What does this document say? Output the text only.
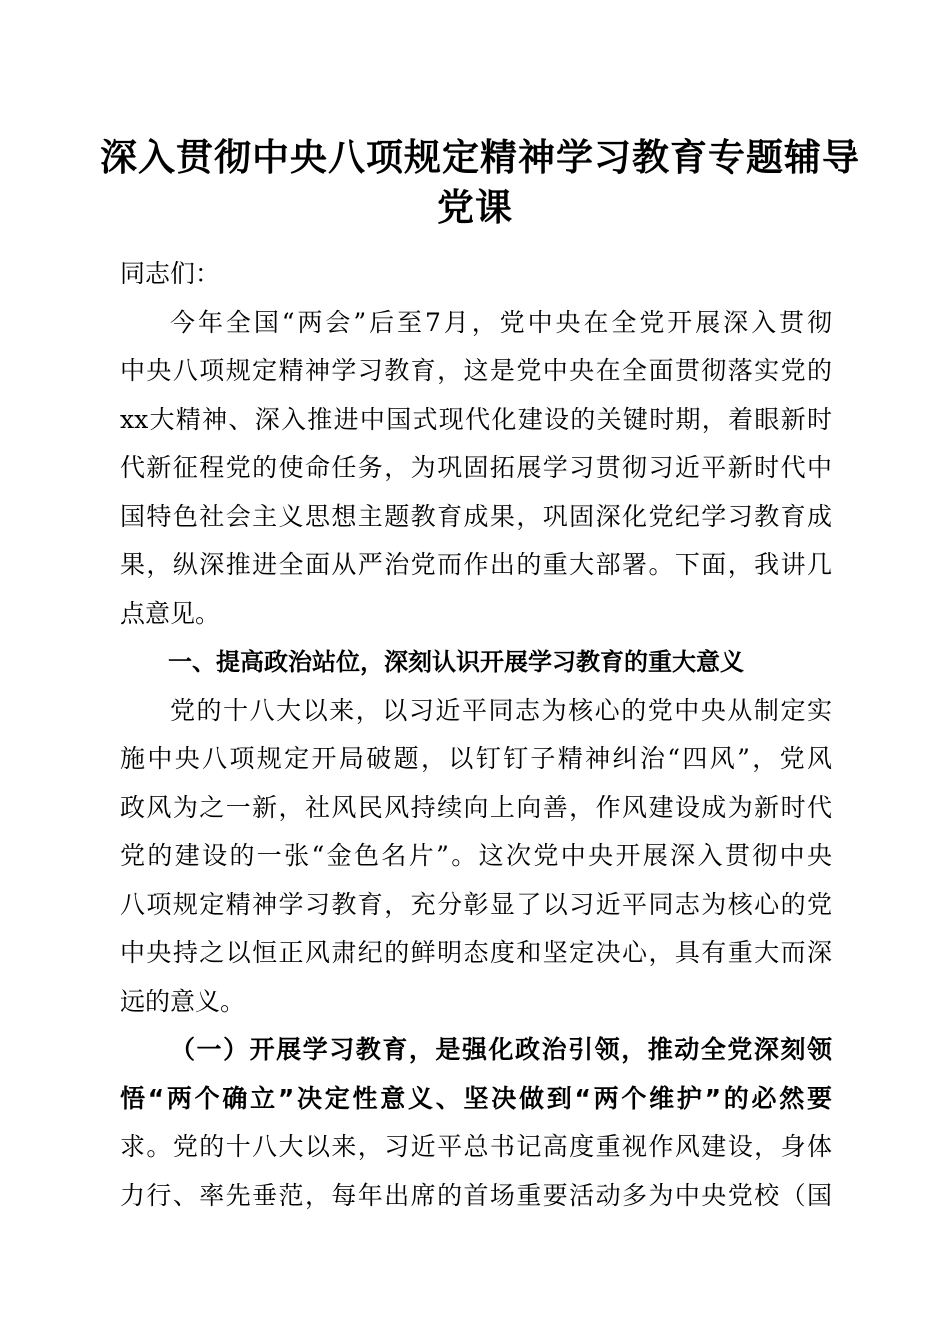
深入贯彻中央八项规定精神学习教育专题辅导
党课

同志们：

今年全国“两会”后至7月，党中央在全党开展深入贯彻
中央八项规定精神学习教育，这是党中央在全面贯彻落实党的
xx大精神、深入推进中国式现代化建设的关键时期，着眼新时
代新征程党的使命任务，为巩固拓展学习贯彻习近平新时代中
国特色社会主义思想主题教育成果，巩固深化党纪学习教育成
果，纵深推进全面从严治党而作出的重大部署。下面，我讲几
点意见。

一、提高政治站位，深刻认识开展学习教育的重大意义

党的十八大以来，以习近平同志为核心的党中央从制定实
施中央八项规定开局破题，以钉钉子精神纠治“四风”，党风
政风为之一新，社风民风持续向上向善，作风建设成为新时代
党的建设的一张“金色名片”。这次党中央开展深入贯彻中央
八项规定精神学习教育，充分彰显了以习近平同志为核心的党
中央持之以恒正风肃纪的鲜明态度和坚定决心，具有重大而深
远的意义。
（一）开展学习教育，是强化政治引领，推动全党深刻领
悟“两个确立”决定性意义、坚决做到“两个维护”的必然要
求。党的十八大以来，习近平总书记高度重视作风建设，身体
力行、率先垂范，每年出席的首场重要活动多为中央党校（国
